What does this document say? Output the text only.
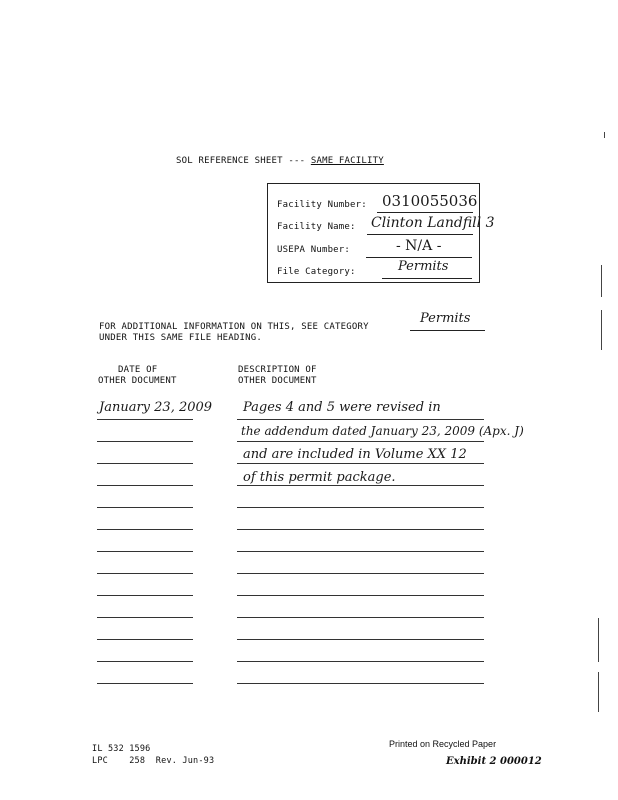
SOL REFERENCE SHEET --- SAME FACILITY
Facility Number: 0310055036
Facility Name: Clinton Landfill 3
USEPA Number:	- N/A -
File Category:	Permits
FOR ADDITIONAL INFORMATION ON THIS, SEE CATEGORY
UNDER THIS SAME FILE HEADING.
Permits
DATE OF
OTHER DOCUMENT
DESCRIPTION OF
OTHER DOCUMENT
January 23, 2009 Pages 4 and 5 were revised in
the addendum dated January 23, 2009 (Apx. J)
and are included in Volume XX 12
of this permit package.
IL 532 1596
LPC    258  Rev. Jun-93
Printed on Recycled Paper
Exhibit 2 000012
